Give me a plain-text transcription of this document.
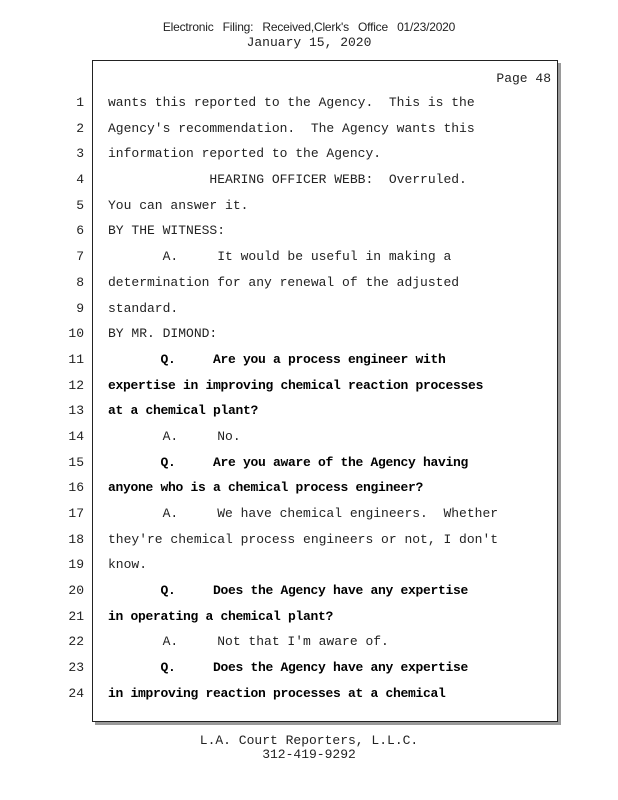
Electronic Filing: Received,Clerk's Office 01/23/2020
January 15, 2020
Page 48
1
2
3
4
5
6
7
8
9
10
11
12
13
14
15
16
17
18
19
20
21
22
23
24
wants this reported to the Agency.  This is the
Agency's recommendation.  The Agency wants this
information reported to the Agency.
HEARING OFFICER WEBB:  Overruled.
You can answer it.
BY THE WITNESS:
A.     It would be useful in making a
determination for any renewal of the adjusted
standard.
BY MR. DIMOND:
Q.     Are you a process engineer with
expertise in improving chemical reaction processes
at a chemical plant?
A.     No.
Q.     Are you aware of the Agency having
anyone who is a chemical process engineer?
A.     We have chemical engineers.  Whether
they're chemical process engineers or not, I don't
know.
Q.     Does the Agency have any expertise
in operating a chemical plant?
A.     Not that I'm aware of.
Q.     Does the Agency have any expertise
in improving reaction processes at a chemical
L.A. Court Reporters, L.L.C.
312-419-9292
